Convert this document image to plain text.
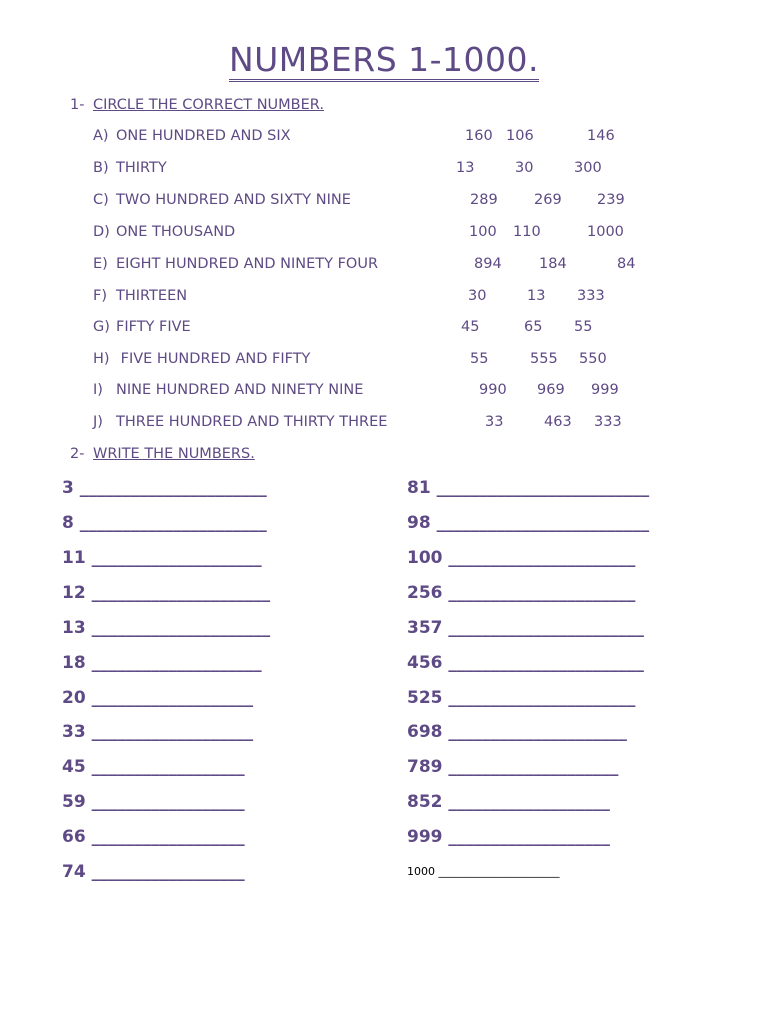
NUMBERS 1-1000.
1- CIRCLE THE CORRECT NUMBER.
A) ONE HUNDRED AND SIX	160 106	146
B) THIRTY	13	30	300
C) TWO HUNDRED AND SIXTY NINE	289	269 239
D) ONE THOUSAND	100 110	1000
E) EIGHT HUNDRED AND NINETY FOUR	894	184	84
F) THIRTEEN	30	13 333
G) FIFTY FIVE	45	65 55
H) FIVE HUNDRED AND FIFTY	55	555 550
I) NINE HUNDRED AND NINETY NINE	990 969 999
J) THREE HUNDRED AND THIRTY THREE	33	463 333
2- WRITE THE NUMBERS.
3 ______________________
8 ______________________
11 ____________________
12 _____________________
13 _____________________
18 ____________________
20 ___________________
33 ___________________
45 __________________
59 __________________
66 __________________
74 __________________
81 _________________________
98 _________________________
100 ______________________
256 ______________________
357 _______________________
456 _______________________
525 ______________________
698 _____________________
789 ____________________
852 ___________________
999 ___________________
1000 ______________________
